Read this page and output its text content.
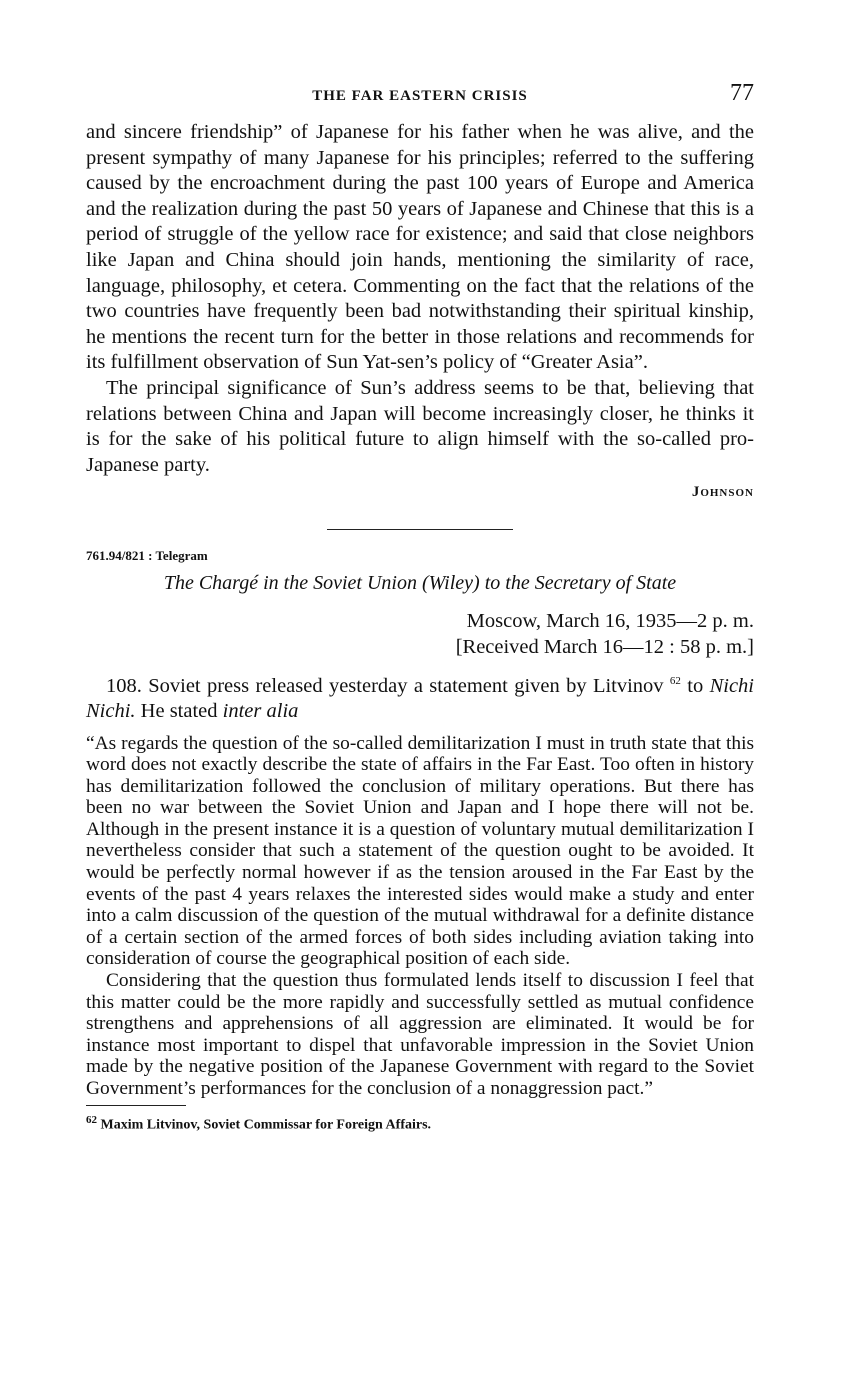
THE FAR EASTERN CRISIS	77

and sincere friendship” of Japanese for his father when he was alive, and the present sympathy of many Japanese for his principles; referred to the suffering caused by the encroachment during the past 100 years of Europe and America and the realization during the past 50 years of Japanese and Chinese that this is a period of struggle of the yellow race for existence; and said that close neighbors like Japan and China should join hands, mentioning the similarity of race, language, philosophy, et cetera. Commenting on the fact that the relations of the two countries have frequently been bad notwithstanding their spiritual kinship, he mentions the recent turn for the better in those relations and recommends for its fulfillment observation of Sun Yat-sen’s policy of “Greater Asia”.

The principal significance of Sun’s address seems to be that, believing that relations between China and Japan will become increasingly closer, he thinks it is for the sake of his political future to align himself with the so-called pro-Japanese party.

Johnson
761.94/821 : Telegram
The Chargé in the Soviet Union (Wiley) to the Secretary of State
Moscow, March 16, 1935—2 p. m.
[Received March 16—12 : 58 p. m.]

108. Soviet press released yesterday a statement given by Litvinov $^{62}$ to Nichi Nichi. He stated inter alia

“As regards the question of the so-called demilitarization I must in truth state that this word does not exactly describe the state of affairs in the Far East. Too often in history has demilitarization followed the conclusion of military operations. But there has been no war between the Soviet Union and Japan and I hope there will not be. Although in the present instance it is a question of voluntary mutual demilitarization I nevertheless consider that such a statement of the question ought to be avoided. It would be perfectly normal however if as the tension aroused in the Far East by the events of the past 4 years relaxes the interested sides would make a study and enter into a calm discussion of the question of the mutual withdrawal for a definite distance of a certain section of the armed forces of both sides including aviation taking into consideration of course the geographical position of each side.

Considering that the question thus formulated lends itself to discussion I feel that this matter could be the more rapidly and successfully settled as mutual confidence strengthens and apprehensions of all aggression are eliminated. It would be for instance most important to dispel that unfavorable impression in the Soviet Union made by the negative position of the Japanese Government with regard to the Soviet Government’s performances for the conclusion of a nonaggression pact.”

$^{62}$ Maxim Litvinov, Soviet Commissar for Foreign Affairs.
